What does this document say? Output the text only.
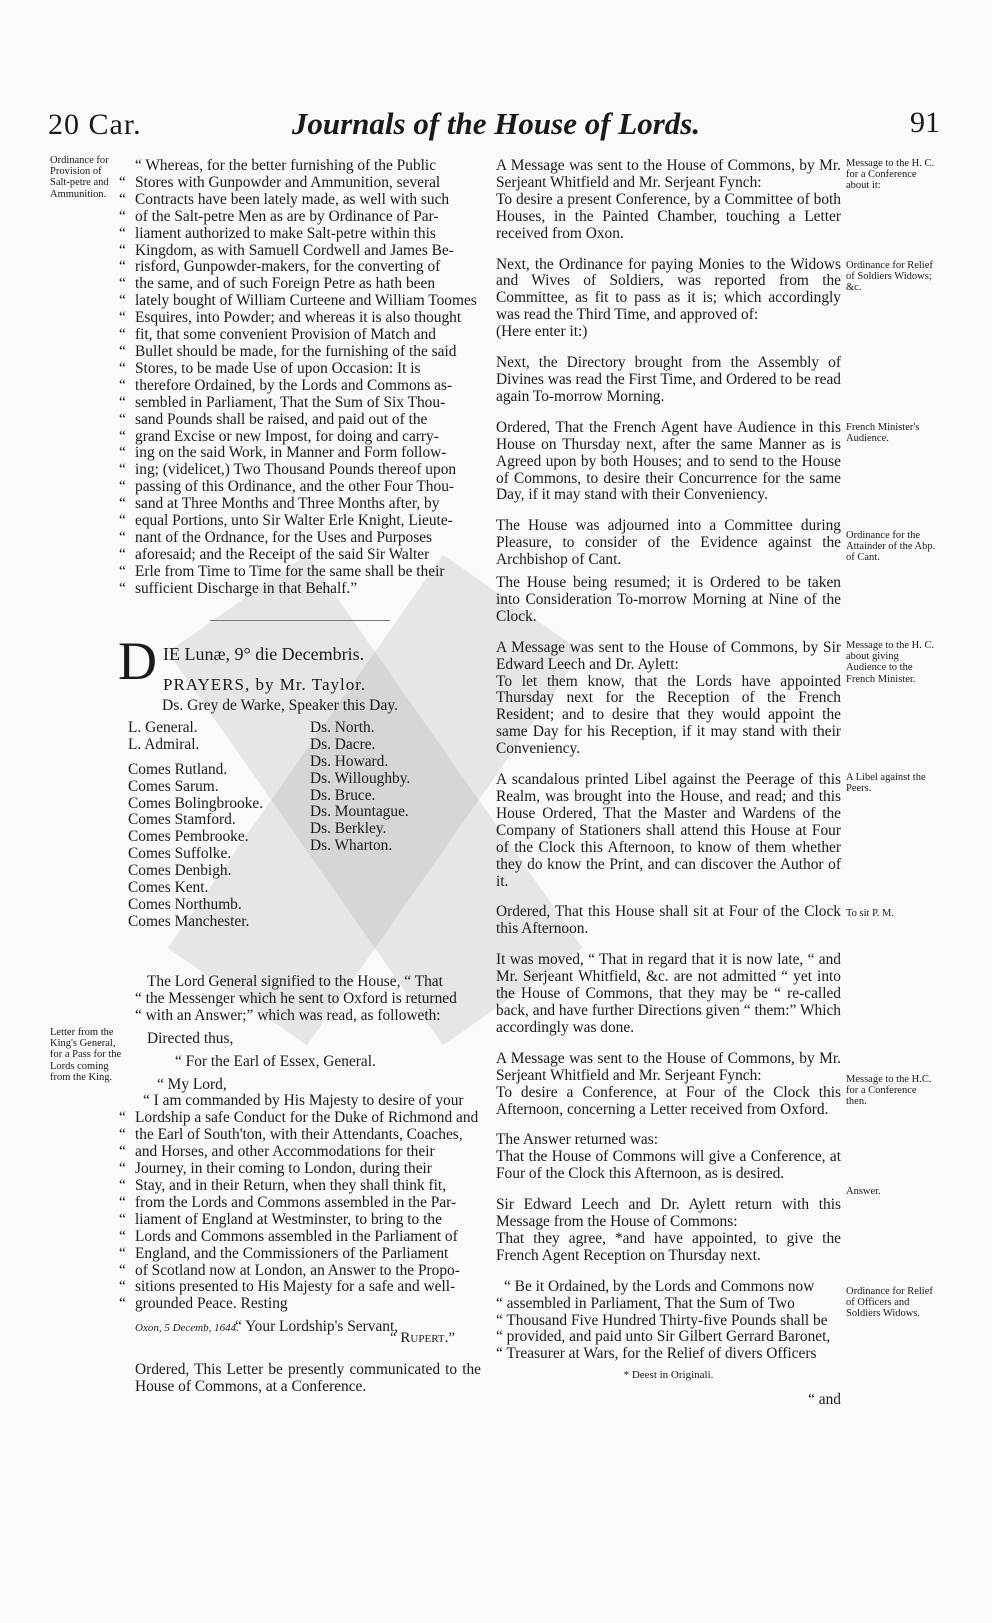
20 Car.	Journals of the House of Lords.	91
Ordinance for Provision of Salt-petre and Ammunition.
Letter from the King's General, for a Pass for the Lords coming from the King.
“ Whereas, for the better furnishing of the Public
“ Stores with Gunpowder and Ammunition, several
“ Contracts have been lately made, as well with such
“ of the Salt-petre Men as are by Ordinance of Par-
“ liament authorized to make Salt-petre within this
“ Kingdom, as with Samuell Cordwell and James Be-
“ risford, Gunpowder-makers, for the converting of
“ the same, and of such Foreign Petre as hath been
“ lately bought of William Curteene and William Toomes
“ Esquires, into Powder; and whereas it is also thought
“ fit, that some convenient Provision of Match and
“ Bullet should be made, for the furnishing of the said
“ Stores, to be made Use of upon Occasion: It is
“ therefore Ordained, by the Lords and Commons as-
“ sembled in Parliament, That the Sum of Six Thou-
“ sand Pounds shall be raised, and paid out of the
“ grand Excise or new Impost, for doing and carry-
“ ing on the said Work, in Manner and Form follow-
“ ing; (videlicet,) Two Thousand Pounds thereof upon
“ passing of this Ordinance, and the other Four Thou-
“ sand at Three Months and Three Months after, by
“ equal Portions, unto Sir Walter Erle Knight, Lieute-
“ nant of the Ordnance, for the Uses and Purposes
“ aforesaid; and the Receipt of the said Sir Walter
“ Erle from Time to Time for the same shall be their
“ sufficient Discharge in that Behalf.”
D IE Lunæ, 9° die Decembris.
PRAYERS, by Mr. Taylor.
Ds. Grey de Warke, Speaker this Day.
L. General.
L. Admiral.
Comes Rutland.
Comes Sarum.
Comes Bolingbrooke.
Comes Stamford.
Comes Pembrooke.
Comes Suffolke.
Comes Denbigh.
Comes Kent.
Comes Northumb.
Comes Manchester.
Ds. North.
Ds. Dacre.
Ds. Howard.
Ds. Willoughby.
Ds. Bruce.
Ds. Mountague.
Ds. Berkley.
Ds. Wharton.
The Lord General signified to the House, “ That
“ the Messenger which he sent to Oxford is returned
“ with an Answer;” which was read, as followeth:
Directed thus,
“ For the Earl of Essex, General.
“ My Lord,
“ I am commanded by His Majesty to desire of your
“ Lordship a safe Conduct for the Duke of Richmond and
“ the Earl of South'ton, with their Attendants, Coaches,
“ and Horses, and other Accommodations for their
“ Journey, in their coming to London, during their
“ Stay, and in their Return, when they shall think fit,
“ from the Lords and Commons assembled in the Par-
“ liament of England at Westminster, to bring to the
“ Lords and Commons assembled in the Parliament of
“ England, and the Commissioners of the Parliament
“ of Scotland now at London, an Answer to the Propo-
“ sitions presented to His Majesty for a safe and well-
“ grounded Peace. Resting
“ Your Lordship's Servant,
Oxon, 5 Decemb, 1644.
“ Rupert.”
Ordered, This Letter be presently communicated to the House of Commons, at a Conference.

A Message was sent to the House of Commons, by Mr. Serjeant Whitfield and Mr. Serjeant Fynch:

To desire a present Conference, by a Committee of both Houses, in the Painted Chamber, touching a Letter received from Oxon.

Next, the Ordinance for paying Monies to the Widows and Wives of Soldiers, was reported from the Committee, as fit to pass as it is; which accordingly was read the Third Time, and approved of:

(Here enter it:)

Next, the Directory brought from the Assembly of Divines was read the First Time, and Ordered to be read again To-morrow Morning.

Ordered, That the French Agent have Audience in this House on Thursday next, after the same Manner as is Agreed upon by both Houses; and to send to the House of Commons, to desire their Concurrence for the same Day, if it may stand with their Conveniency.

The House was adjourned into a Committee during Pleasure, to consider of the Evidence against the Archbishop of Cant.

The House being resumed; it is Ordered to be taken into Consideration To-morrow Morning at Nine of the Clock.

A Message was sent to the House of Commons, by Sir Edward Leech and Dr. Aylett:

To let them know, that the Lords have appointed Thursday next for the Reception of the French Resident; and to desire that they would appoint the same Day for his Reception, if it may stand with their Conveniency.

A scandalous printed Libel against the Peerage of this Realm, was brought into the House, and read; and this House Ordered, That the Master and Wardens of the Company of Stationers shall attend this House at Four of the Clock this Afternoon, to know of them whether they do know the Print, and can discover the Author of it.

Ordered, That this House shall sit at Four of the Clock this Afternoon.

It was moved, “ That in regard that it is now late, “ and Mr. Serjeant Whitfield, &c. are not admitted “ yet into the House of Commons, that they may be “ re-called back, and have further Directions given “ them:” Which accordingly was done.

A Message was sent to the House of Commons, by Mr. Serjeant Whitfield and Mr. Serjeant Fynch:

To desire a Conference, at Four of the Clock this Afternoon, concerning a Letter received from Oxford.

The Answer returned was:

That the House of Commons will give a Conference, at Four of the Clock this Afternoon, as is desired.

Sir Edward Leech and Dr. Aylett return with this Message from the House of Commons:

That they agree, *and have appointed, to give the French Agent Reception on Thursday next.

“ Be it Ordained, by the Lords and Commons now
“ assembled in Parliament, That the Sum of Two
“ Thousand Five Hundred Thirty-five Pounds shall be
“ provided, and paid unto Sir Gilbert Gerrard Baronet,
“ Treasurer at Wars, for the Relief of divers Officers
* Deest in Originali.
“ and
Message to the H. C. for a Conference about it:
Ordinance for Relief of Soldiers Widows; &c.
French Minister's Audience.
Ordinance for the Attainder of the Abp. of Cant.
Message to the H. C. about giving Audience to the French Minister.
A Libel against the Peers.
To sit P. M.
Message to the H.C. for a Conference then.
Answer.
Ordinance for Relief of Officers and Soldiers Widows.
